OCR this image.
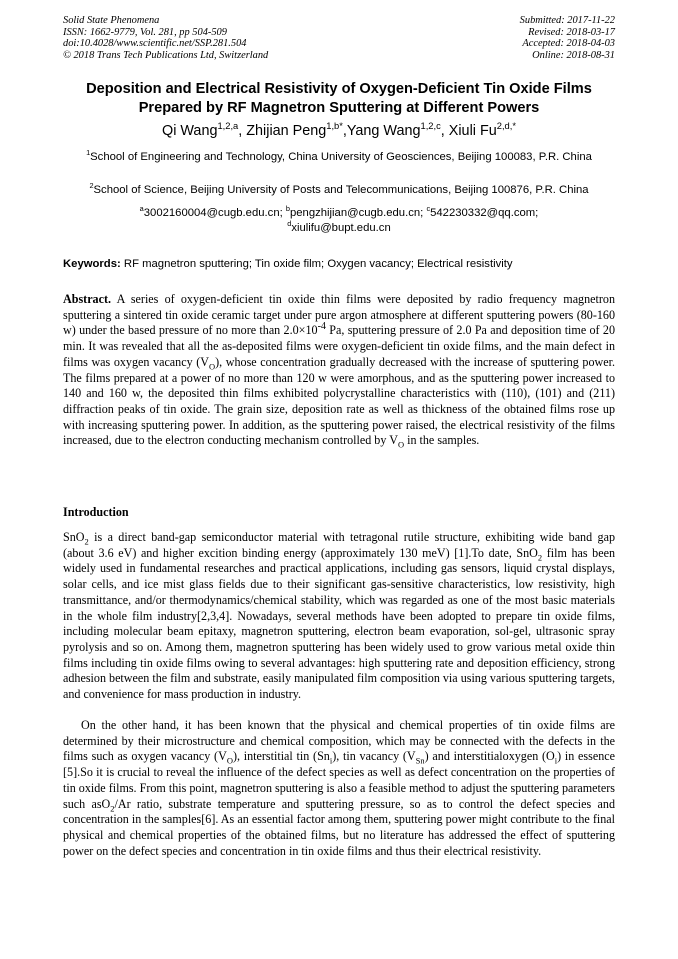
Solid State Phenomena
ISSN: 1662-9779, Vol. 281, pp 504-509
doi:10.4028/www.scientific.net/SSP.281.504
© 2018 Trans Tech Publications Ltd, Switzerland
Submitted: 2017-11-22
Revised: 2018-03-17
Accepted: 2018-04-03
Online: 2018-08-31
Deposition and Electrical Resistivity of Oxygen-Deficient Tin Oxide Films
Prepared by RF Magnetron Sputtering at Different Powers
Qi Wang$^{1,2,a}$, Zhijian Peng$^{1,b*}$,Yang Wang$^{1,2,c}$, Xiuli $Fu^{2,d,*}$
$^1$School of Engineering and Technology, China University of Geosciences, Beijing 100083, P.R. China
$^2$School of Science, Beijing University of Posts and Telecommunications, Beijing 100876, P.R. China
$^a$3002160004@cugb.edu.cn; $^b$pengzhijian@cugb.edu.cn; $^c$542230332@qq.com;
$^d$xiulifu@bupt.edu.cn
Keywords: RF magnetron sputtering; Tin oxide film; Oxygen vacancy; Electrical resistivity
Abstract. A series of oxygen-deficient tin oxide thin films were deposited by radio frequency magnetron sputtering a sintered tin oxide ceramic target under pure argon atmosphere at different sputtering powers (80-160 w) under the based pressure of no more than $2.0\times 10^{-4}$ Pa, sputtering pressure of 2.0 Pa and deposition time of 20 min. It was revealed that all the as-deposited films were oxygen-deficient tin oxide films, and the main defect in films was oxygen vacancy $(V_O)$, whose concentration gradually decreased with the increase of sputtering power. The films prepared at a power of no more than 120 w were amorphous, and as the sputtering power increased to 140 and 160 w, the deposited thin films exhibited polycrystalline characteristics with (110), (101) and (211) diffraction peaks of tin oxide. The grain size, deposition rate as well as thickness of the obtained films rose up with increasing sputtering power. In addition, as the sputtering power raised, the electrical resistivity of the films increased, due to the electron conducting mechanism controlled by $V_O$ in the samples.
Introduction
SnO$_2$ is a direct band-gap semiconductor material with tetragonal rutile structure, exhibiting wide band gap (about 3.6 eV) and higher excition binding energy (approximately 130 meV) [1].To date, SnO$_2$ film has been widely used in fundamental researches and practical applications, including gas sensors, liquid crystal displays, solar cells, and ice mist glass fields due to their significant gas-sensitive characteristics, low resistivity, high transmittance, and/or thermodynamics/chemical stability, which was regarded as one of the most basic materials in the whole film industry[2,3,4]. Nowadays, several methods have been adopted to prepare tin oxide films, including molecular beam epitaxy, magnetron sputtering, electron beam evaporation, sol-gel, ultrasonic spray pyrolysis and so on. Among them, magnetron sputtering has been widely used to grow various metal oxide thin films including tin oxide films owing to several advantages: high sputtering rate and deposition efficiency, strong adhesion between the film and substrate, easily manipulated film composition via using various sputtering targets, and convenience for mass production in industry.
On the other hand, it has been known that the physical and chemical properties of tin oxide films are determined by their microstructure and chemical composition, which may be connected with the defects in the films such as oxygen vacancy $(V_O)$, interstitial tin $(Sn_i)$, tin vacancy $(V_{Sn})$ and interstitialoxygen $(O_i)$ in essence [5].So it is crucial to reveal the influence of the defect species as well as defect concentration on the properties of tin oxide films. From this point, magnetron sputtering is also a feasible method to adjust the sputtering parameters such asO$_2$/Ar ratio, substrate temperature and sputtering pressure, so as to control the defect species and concentration in the samples[6]. As an essential factor among them, sputtering power might contribute to the final physical and chemical properties of the obtained films, but no literature has addressed the effect of sputtering power on the defect species and concentration in tin oxide films and thus their electrical resistivity.
